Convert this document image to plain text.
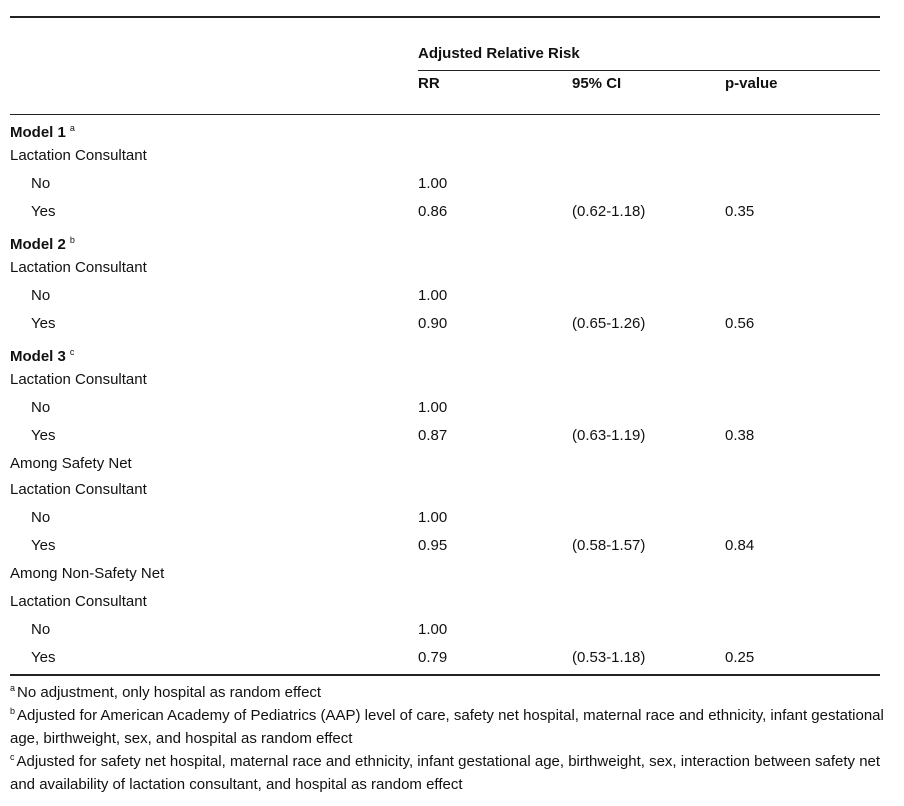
Adjusted Relative Risk
RR	95% CI	p-value
Model 1 $^a$
Lactation Consultant
No	1.00
Yes	0.86	(0.62-1.18)	0.35
Model 2 $^b$
Lactation Consultant
No	1.00
Yes	0.90	(0.65-1.26)	0.56
Model 3 $^c$
Lactation Consultant
No	1.00
Yes	0.87	(0.63-1.19)	0.38
Among Safety Net
Lactation Consultant
No	1.00
Yes	0.95	(0.58-1.57)	0.84
Among Non-Safety Net
Lactation Consultant
No	1.00
Yes	0.79	(0.53-1.18)	0.25
$^a$ No adjustment, only hospital as random effect
$^b$ Adjusted for American Academy of Pediatrics (AAP) level of care, safety net hospital, maternal race and ethnicity, infant gestational age, birthweight, sex, and hospital as random effect
$^c$ Adjusted for safety net hospital, maternal race and ethnicity, infant gestational age, birthweight, sex, interaction between safety net and availability of lactation consultant, and hospital as random effect
